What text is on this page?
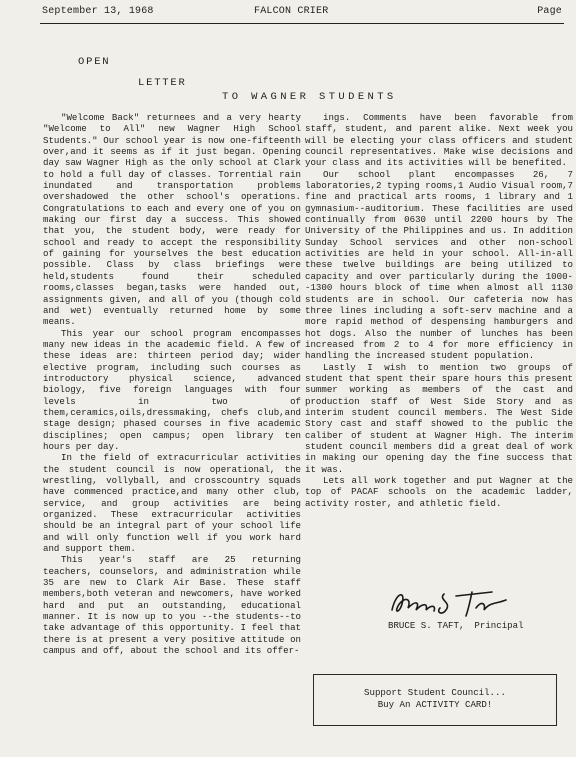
September 13, 1968	FALCON CRIER	Page
OPEN
LETTER
TO WAGNER STUDENTS

"Welcome Back" returnees and a very hearty "Welcome to All" new Wagner High School Students." Our school year is now one-fifteenth over,and it seems as if it just began. Opening day saw Wagner High as the only school at Clark to hold a full day of classes. Torrential rain inundated and transportation problems overshadowed the other school's operations. Congratulations to each and every one of you on making our first day a success. This showed that you, the student body, were ready for school and ready to accept the responsibility of gaining for yourselves the best education possible. Class by class briefings were held,students found their scheduled rooms,classes began,tasks were handed out, assignments given, and all of you (though cold and wet) eventually returned home by some means.

This year our school program encompasses many new ideas in the academic field. A few of these ideas are: thirteen period day; wider elective program, including such courses as introductory physical science, advanced biology, five foreign languages with four levels in two of them,ceramics,oils,dressmaking, chefs club,and stage design; phased courses in five academic disciplines; open campus; open library ten hours per day.

In the field of extracurricular activities the student council is now operational, the wrestling, vollyball, and crosscountry squads have commenced practice,and many other club, service, and group activities are being organized. These extracurricular activities should be an integral part of your school life and will only function well if you work hard and support them.

This year's staff are 25 returning teachers, counselors, and administration while 35 are new to Clark Air Base. These staff members,both veteran and newcomers, have worked hard and put an outstanding, educational manner. It is now up to you --the students--to take advantage of this opportunity. I feel that there is at present a very positive attitude on campus and off, about the school and its offer-

ings. Comments have been favorable from staff, student, and parent alike. Next week you will be electing your class officers and student council representatives. Make wise decisions and your class and its activities will be benefited.

Our school plant encompasses 26, 7 laboratories,2 typing rooms,1 Audio Visual room,7 fine and practical arts rooms, 1 library and 1 gymnasium--auditorium. These facilities are used continually from 0630 until 2200 hours by The University of the Philippines and us. In addition Sunday School services and other non-school activities are held in your school. All-in-all these twelve buildings are being utilized to capacity and over particularly during the 1000--1300 hours block of time when almost all 1130 students are in school. Our cafeteria now has three lines including a soft-serv machine and a more rapid method of despensing hamburgers and hot dogs. Also the number of lunches has been increased from 2 to 4 for more efficiency in handling the increased student population.

Lastly I wish to mention two groups of student that spent their spare hours this present summer working as members of the cast and production staff of West Side Story and as interim student council members. The West Side Story cast and staff showed to the public the caliber of student at Wagner High. The interim student council members did a great deal of work in making our opening day the fine success that it was.

Lets all work together and put Wagner at the top of PACAF schools on the academic ladder, activity roster, and athletic field.

BRUCE S. TAFT, Principal
Support Student Council...
Buy An ACTIVITY CARD!
